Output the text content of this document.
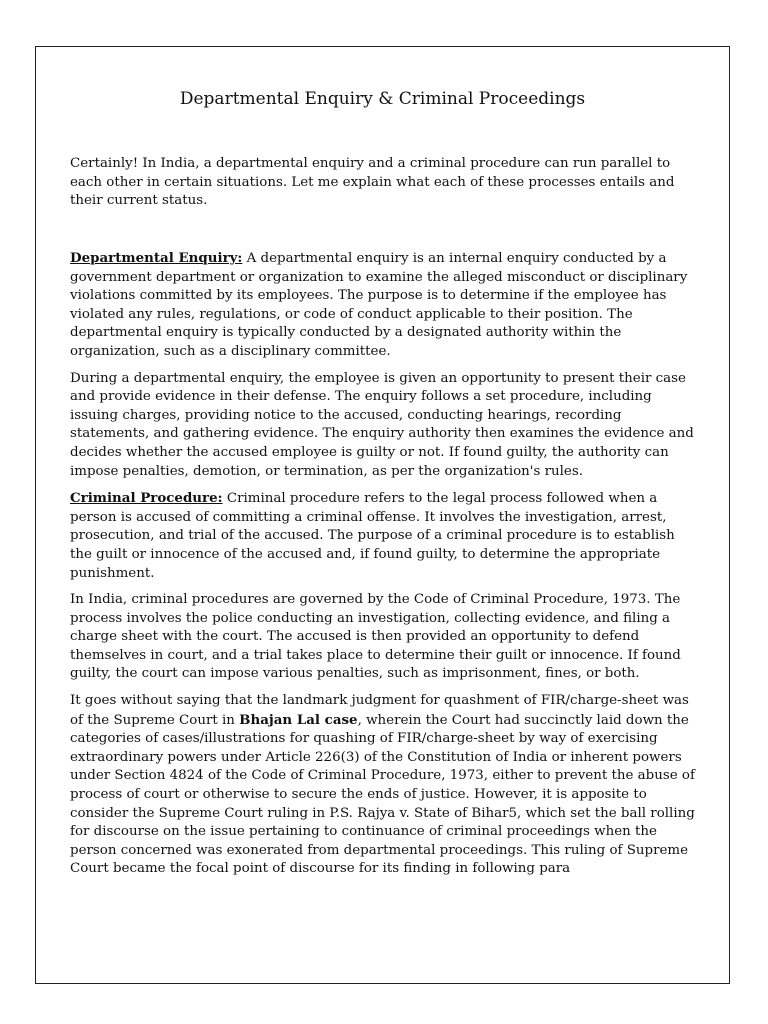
Departmental Enquiry & Criminal Proceedings

Certainly! In India, a departmental enquiry and a criminal procedure can run parallel to each other in certain situations. Let me explain what each of these processes entails and their current status.

Departmental Enquiry: A departmental enquiry is an internal enquiry conducted by a government department or organization to examine the alleged misconduct or disciplinary violations committed by its employees. The purpose is to determine if the employee has violated any rules, regulations, or code of conduct applicable to their position. The departmental enquiry is typically conducted by a designated authority within the organization, such as a disciplinary committee.

During a departmental enquiry, the employee is given an opportunity to present their case and provide evidence in their defense. The enquiry follows a set procedure, including issuing charges, providing notice to the accused, conducting hearings, recording statements, and gathering evidence. The enquiry authority then examines the evidence and decides whether the accused employee is guilty or not. If found guilty, the authority can impose penalties, demotion, or termination, as per the organization's rules.

Criminal Procedure: Criminal procedure refers to the legal process followed when a person is accused of committing a criminal offense. It involves the investigation, arrest, prosecution, and trial of the accused. The purpose of a criminal procedure is to establish the guilt or innocence of the accused and, if found guilty, to determine the appropriate punishment.

In India, criminal procedures are governed by the Code of Criminal Procedure, 1973. The process involves the police conducting an investigation, collecting evidence, and filing a charge sheet with the court. The accused is then provided an opportunity to defend themselves in court, and a trial takes place to determine their guilt or innocence. If found guilty, the court can impose various penalties, such as imprisonment, fines, or both.

It goes without saying that the landmark judgment for quashment of FIR/charge-sheet was of the Supreme Court in Bhajan Lal case, wherein the Court had succinctly laid down the categories of cases/illustrations for quashing of FIR/charge-sheet by way of exercising extraordinary powers under Article 226(3) of the Constitution of India or inherent powers under Section 4824 of the Code of Criminal Procedure, 1973, either to prevent the abuse of process of court or otherwise to secure the ends of justice. However, it is apposite to consider the Supreme Court ruling in P.S. Rajya v. State of Bihar5, which set the ball rolling for discourse on the issue pertaining to continuance of criminal proceedings when the person concerned was exonerated from departmental proceedings. This ruling of Supreme Court became the focal point of discourse for its finding in following para
